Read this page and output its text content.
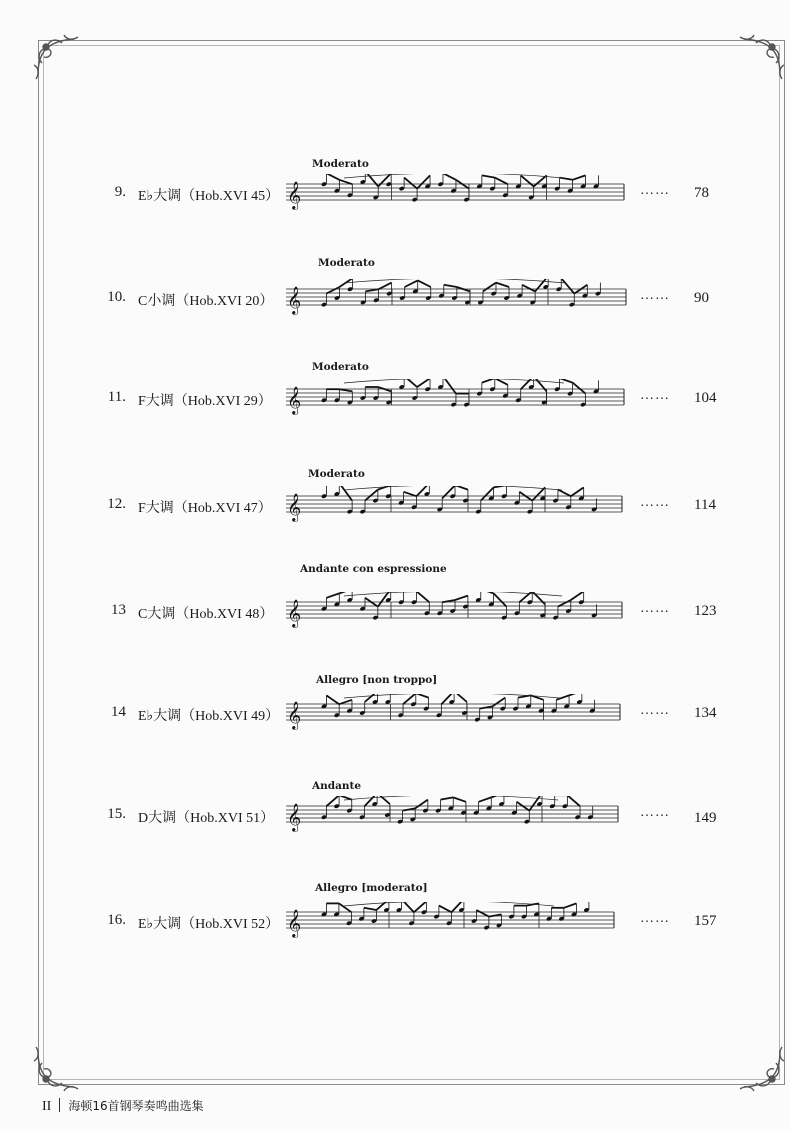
9. E♭大调（Hob.XVI 45）
Moderato
𝄞	…… 78
10. C小调（Hob.XVI 20）
Moderato
𝄞	…… 90
11. F大调（Hob.XVI 29）
Moderato
𝄞	…… 104
12. F大调（Hob.XVI 47）
Moderato
𝄞	…… 114
13 C大调（Hob.XVI 48）
Andante con espressione
𝄞	…… 123
14 E♭大调（Hob.XVI 49）
Allegro [non troppo]
𝄞	…… 134
15. D大调（Hob.XVI 51）
Andante
𝄞	…… 149
16. E♭大调（Hob.XVI 52）
Allegro [moderato]
𝄞	…… 157
II 海顿16首钢琴奏鸣曲选集
